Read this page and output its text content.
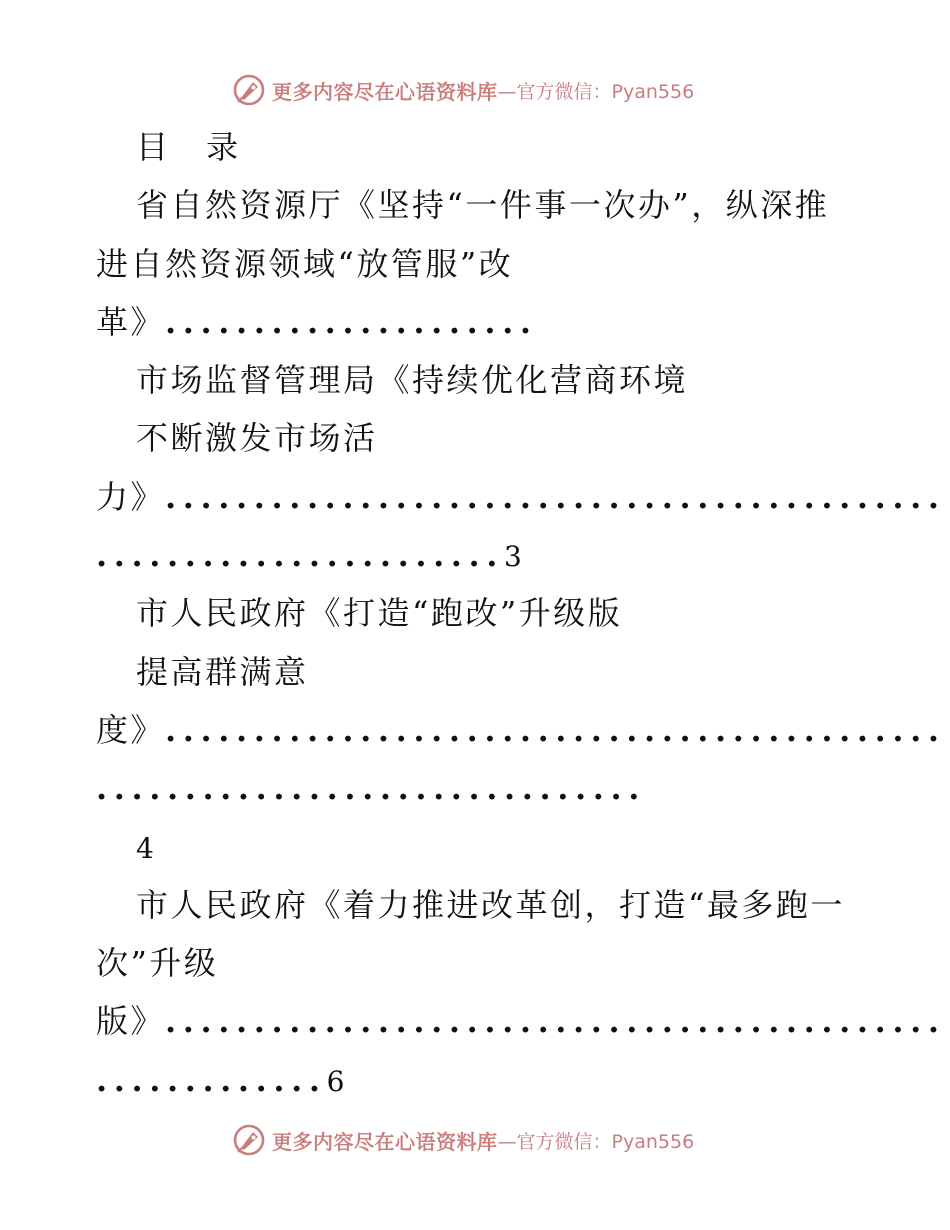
更多内容尽在心语资料库 —官方微信：Pyan556
目 录
省自然资源厅《坚持“一件事一次办”，纵深推
进自然资源领域“放管服”改
革》.....................
市场监督管理局《持续优化营商环境
不断激发市场活
力》............................................
.......................3
市人民政府《打造“跑改”升级版
提高群满意
度》............................................
...............................
4
市人民政府《着力推进改革创，打造“最多跑一
次”升级
版》............................................
.............6
更多内容尽在心语资料库 —官方微信：Pyan556
